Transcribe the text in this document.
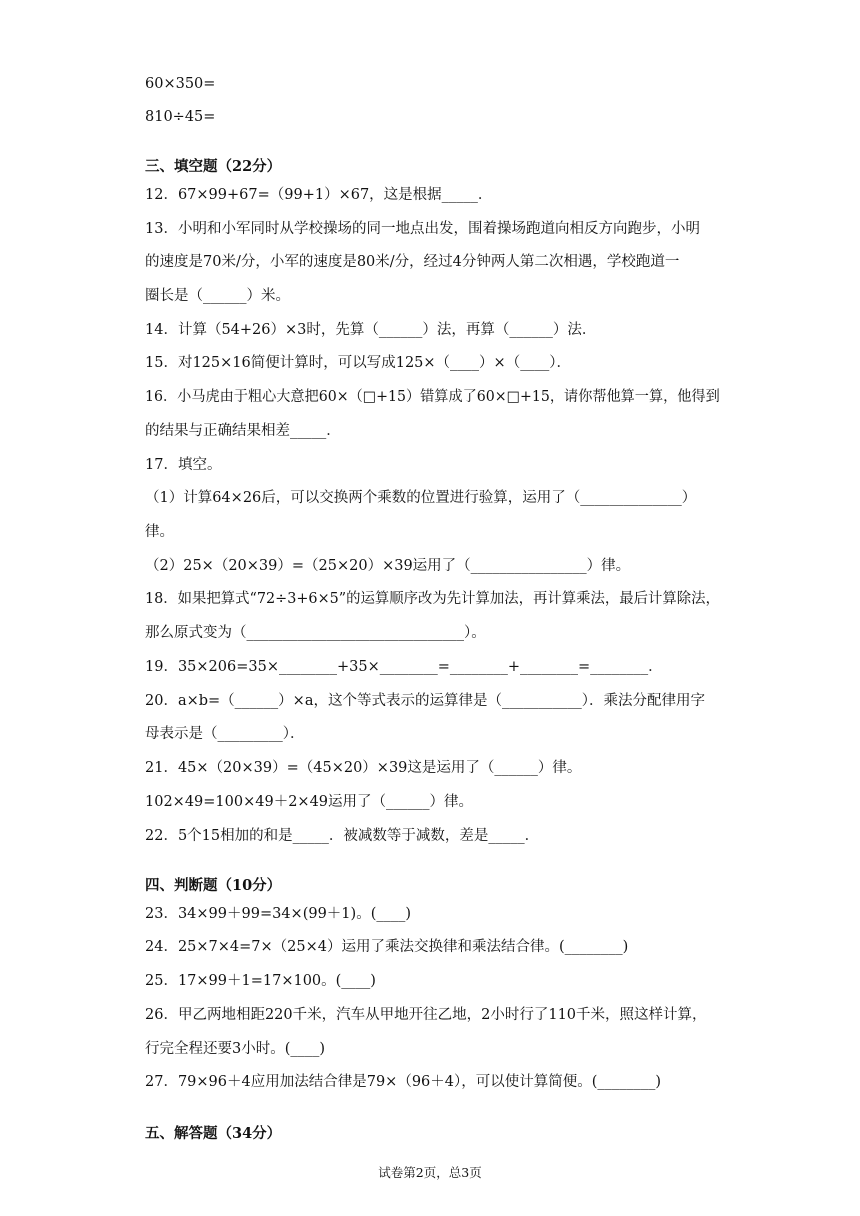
60×350=
810÷45=
三、填空题（22分）
12．67×99+67=（99+1）×67，这是根据_____．
13．小明和小军同时从学校操场的同一地点出发，围着操场跑道向相反方向跑步，小明
的速度是70米/分，小军的速度是80米/分，经过4分钟两人第二次相遇，学校跑道一
圈长是（______）米。
14．计算（54+26）×3时，先算（______）法，再算（______）法．
15．对125×16简便计算时，可以写成125×（____）×（____）．
16．小马虎由于粗心大意把60×（□+15）错算成了60×□+15，请你帮他算一算，他得到
的结果与正确结果相差_____．
17．填空。
（1）计算64×26后，可以交换两个乘数的位置进行验算，运用了（______________）
律。
（2）25×（20×39）=（25×20）×39运用了（________________）律。
18．如果把算式“72÷3+6×5”的运算顺序改为先计算加法，再计算乘法，最后计算除法，
那么原式变为（______________________________）。
19．35×206=35×________+35×________=________+________=________．
20．a×b=（______）×a，这个等式表示的运算律是（___________）．乘法分配律用字
母表示是（_________）．
21．45×（20×39）=（45×20）×39这是运用了（______）律。
102×49=100×49＋2×49运用了（______）律。
22．5个15相加的和是_____．被减数等于减数，差是_____．
四、判断题（10分）
23．34×99＋99=34×(99＋1)。(____)
24．25×7×4=7×（25×4）运用了乘法交换律和乘法结合律。(________)
25．17×99＋1=17×100。(____)
26．甲乙两地相距220千米，汽车从甲地开往乙地，2小时行了110千米，照这样计算，
行完全程还要3小时。(____)
27．79×96＋4应用加法结合律是79×（96＋4），可以使计算简便。(________)
五、解答题（34分）
试卷第2页，总3页
